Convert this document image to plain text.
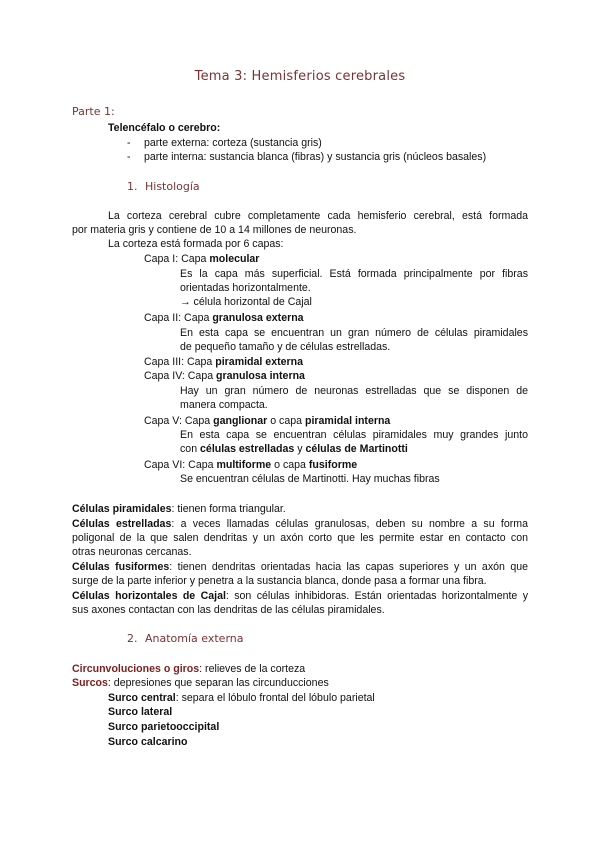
Tema 3: Hemisferios cerebrales
Parte 1:
Telencéfalo o cerebro:
- parte externa: corteza (sustancia gris)
- parte interna: sustancia blanca (fibras) y sustancia gris (núcleos basales)
1. Histología
La corteza cerebral cubre completamente cada hemisferio cerebral, está formada
por materia gris y contiene de 10 a 14 millones de neuronas.
La corteza está formada por 6 capas:
Capa I: Capa molecular
Es la capa más superficial. Está formada principalmente por fibras
orientadas horizontalmente.
→ célula horizontal de Cajal
Capa II: Capa granulosa externa
En esta capa se encuentran un gran número de células piramidales
de pequeño tamaño y de células estrelladas.
Capa III: Capa piramidal externa
Capa IV: Capa granulosa interna
Hay un gran número de neuronas estrelladas que se disponen de
manera compacta.
Capa V: Capa ganglionar o capa piramidal interna
En esta capa se encuentran células piramidales muy grandes junto
con células estrelladas y células de Martinotti
Capa VI: Capa multiforme o capa fusiforme
Se encuentran células de Martinotti. Hay muchas fibras
Células piramidales: tienen forma triangular.
Células estrelladas: a veces llamadas células granulosas, deben su nombre a su forma
poligonal de la que salen dendritas y un axón corto que les permite estar en contacto con
otras neuronas cercanas.
Células fusiformes: tienen dendritas orientadas hacia las capas superiores y un axón que
surge de la parte inferior y penetra a la sustancia blanca, donde pasa a formar una fibra.
Células horizontales de Cajal: son células inhibidoras. Están orientadas horizontalmente y
sus axones contactan con las dendritas de las células piramidales.
2. Anatomía externa
Circunvoluciones o giros: relieves de la corteza
Surcos: depresiones que separan las circunducciones
Surco central: separa el lóbulo frontal del lóbulo parietal
Surco lateral
Surco parietooccipital
Surco calcarino
